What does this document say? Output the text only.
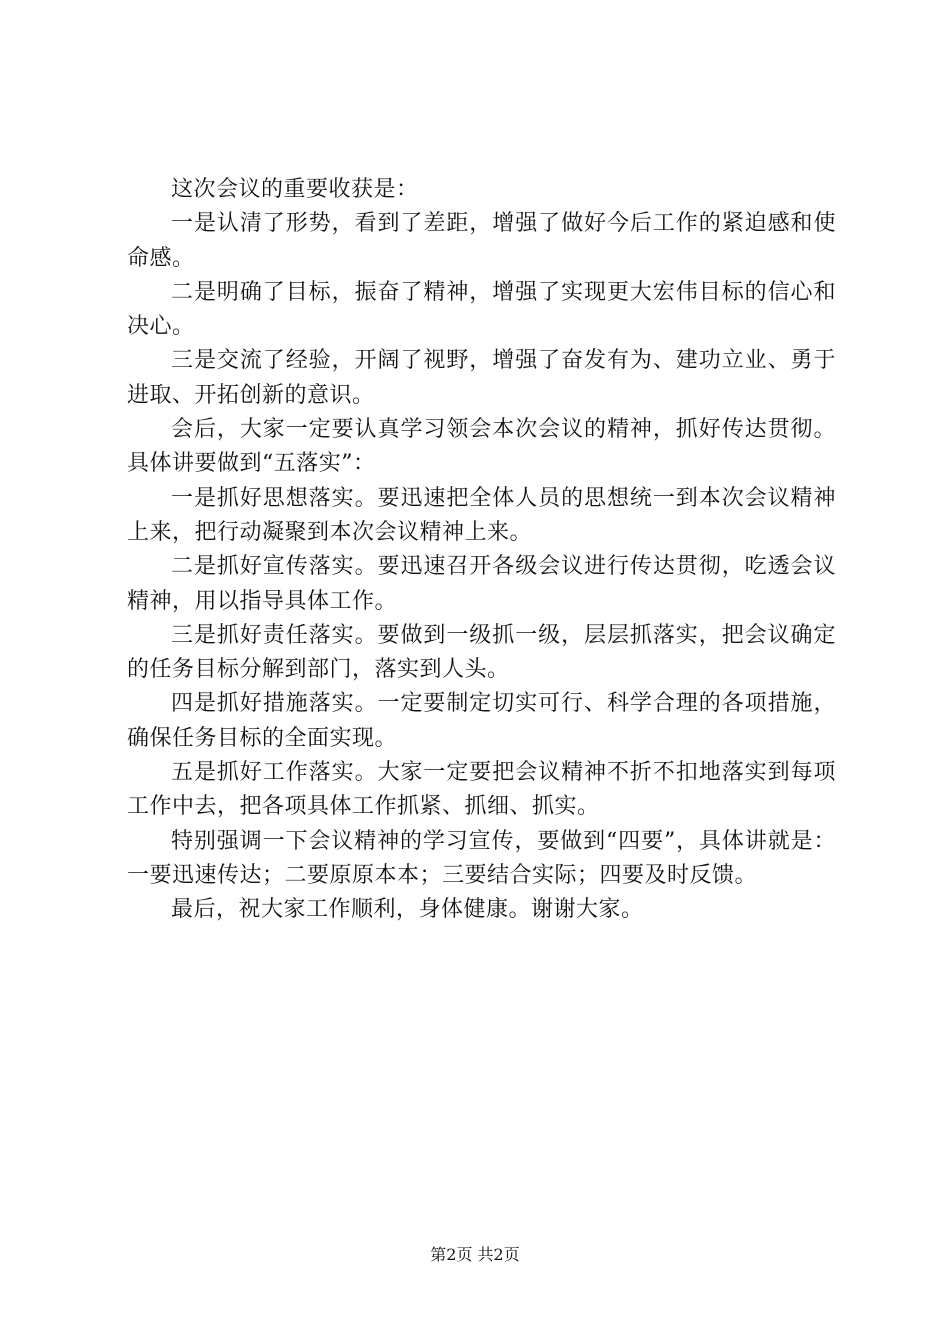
这次会议的重要收获是：

一是认清了形势，看到了差距，增强了做好今后工作的紧迫感和使命感。

二是明确了目标，振奋了精神，增强了实现更大宏伟目标的信心和决心。

三是交流了经验，开阔了视野，增强了奋发有为、建功立业、勇于进取、开拓创新的意识。

会后，大家一定要认真学习领会本次会议的精神，抓好传达贯彻。具体讲要做到“五落实”：

一是抓好思想落实。要迅速把全体人员的思想统一到本次会议精神上来，把行动凝聚到本次会议精神上来。

二是抓好宣传落实。要迅速召开各级会议进行传达贯彻，吃透会议精神，用以指导具体工作。

三是抓好责任落实。要做到一级抓一级，层层抓落实，把会议确定的任务目标分解到部门，落实到人头。

四是抓好措施落实。一定要制定切实可行、科学合理的各项措施，确保任务目标的全面实现。

五是抓好工作落实。大家一定要把会议精神不折不扣地落实到每项工作中去，把各项具体工作抓紧、抓细、抓实。

特别强调一下会议精神的学习宣传，要做到“四要”，具体讲就是：一要迅速传达；二要原原本本；三要结合实际；四要及时反馈。

最后，祝大家工作顺利，身体健康。谢谢大家。

第2页 共2页
